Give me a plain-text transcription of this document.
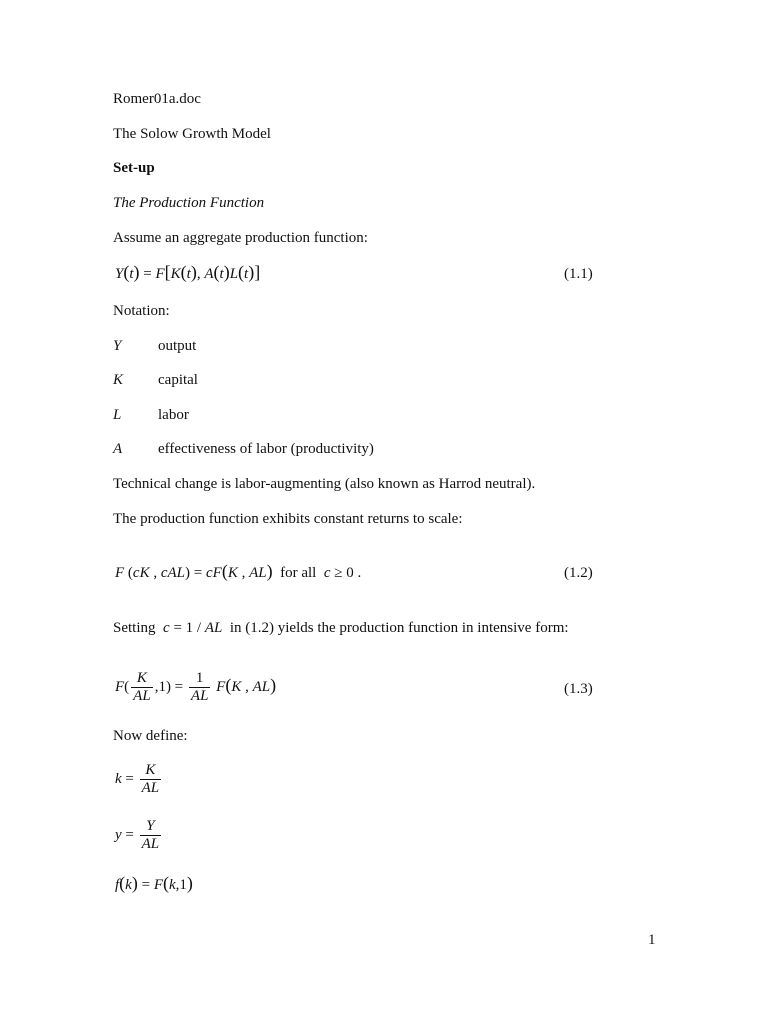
Romer01a.doc
The Solow Growth Model
Set-up
The Production Function
Assume an aggregate production function:
Y(t) = F[K(t), A(t)L(t)]	(1.1)
Notation:
Y output
K capital
L labor
A effectiveness of labor (productivity)
Technical change is labor-augmenting (also known as Harrod neutral).
The production function exhibits constant returns to scale:
F (cK , cAL) = cF(K , AL) for all c ≥ 0 .	(1.2)
Setting c = 1 / AL in (1.2) yields the production function in intensive form:
$F( \frac{K}{AL} ,1) = \frac{1}{AL} F(K$ , AL)	(1.3)
Now define:
$k = \frac{K}{AL}$
$y = \frac{Y}{AL}$
f(k) = F(k,1)
1
